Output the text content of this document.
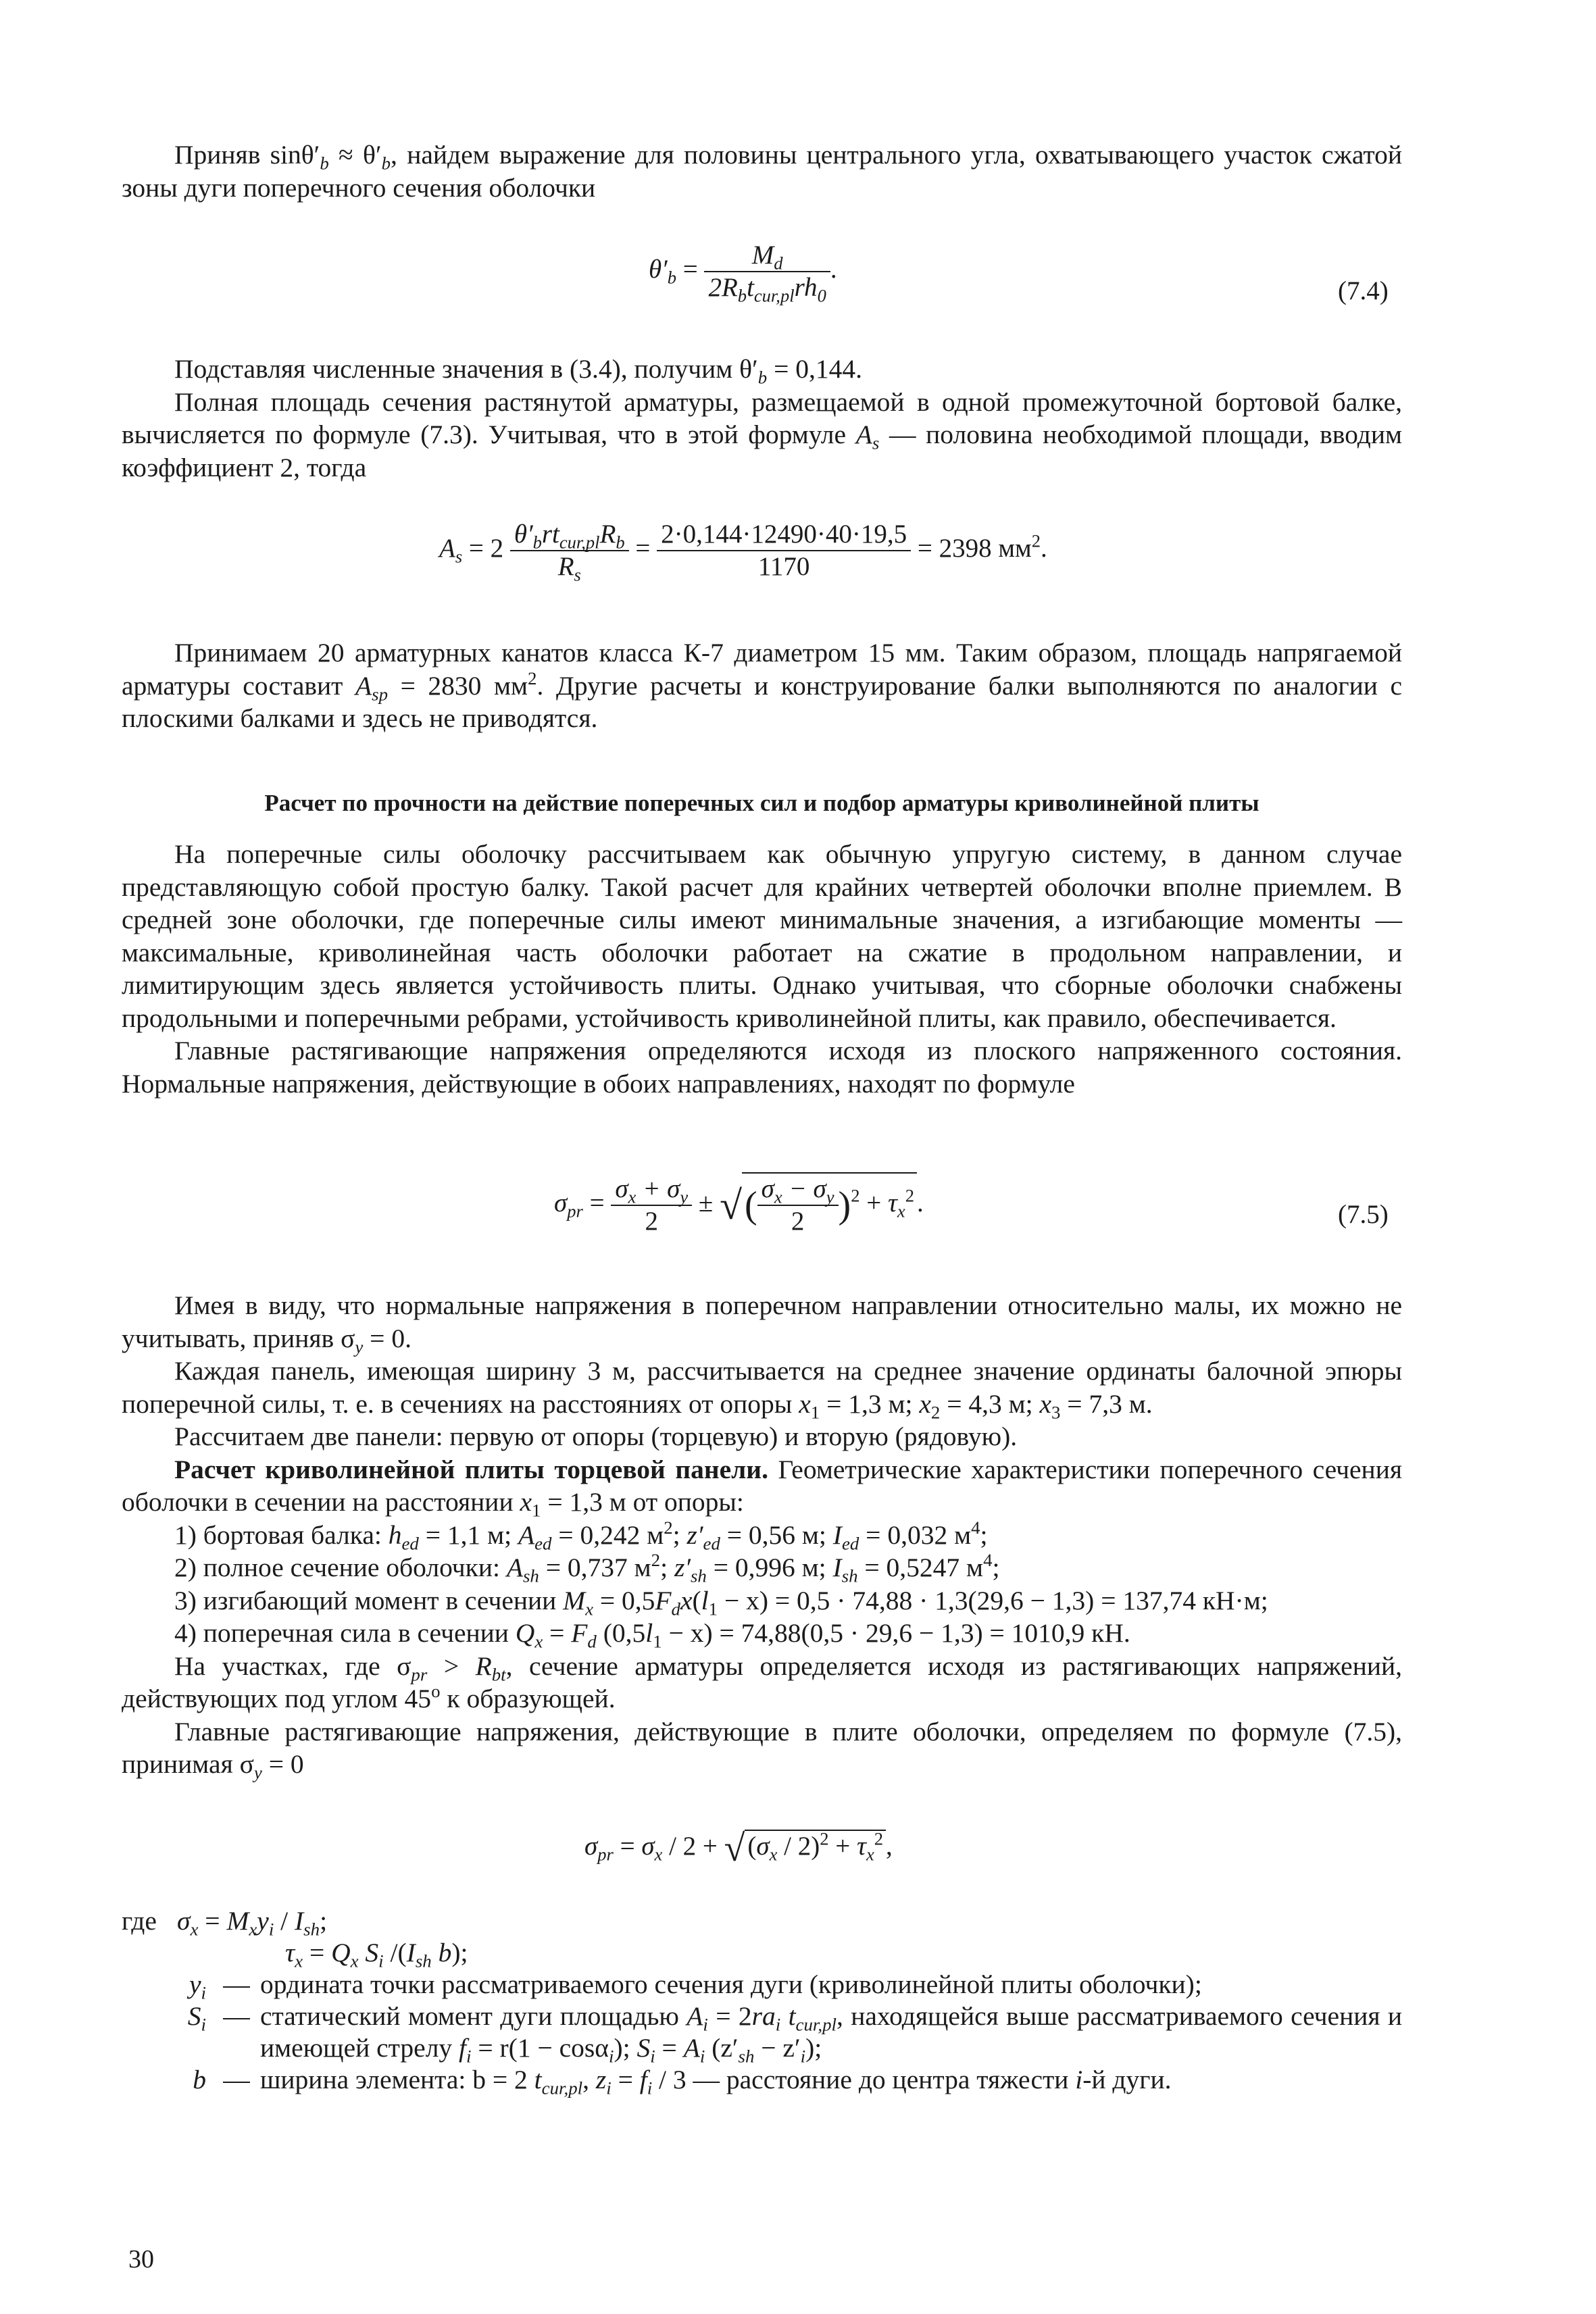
Приняв $\sin\theta'_b \approx \theta'_b$, найдем выражение для половины центрального угла, охватывающего участок сжатой зоны дуги поперечного сечения оболочки

$\theta'_b = \frac{M_d}{2R_bt_{cur,pl}rh_0}$ .
(7.4)

Подставляя численные значения в (3.4), получим $\theta'_b = 0,144$.

Полная площадь сечения растянутой арматуры, размещаемой в одной промежуточной бортовой балке, вычисляется по формуле (7.3). Учитывая, что в этой формуле $A_s$ — половина необходимой площади, вводим коэффициент 2, тогда

$A_s = 2 \frac{\theta'_brt_{cur,pl}R_b}{R_s} = \frac{2\cdot 0,144\cdot 12490\cdot 40\cdot 19,5}{1170} = 2398$ $мм^2$.

Принимаем 20 арматурных канатов класса К-7 диаметром 15 мм. Таким образом, площадь напрягаемой арматуры составит $A_{sp} = 2830$ $мм^2$. Другие расчеты и конструирование балки выполняются по аналогии с плоскими балками и здесь не приводятся.

Расчет по прочности на действие поперечных сил и подбор арматуры криволинейной плиты

На поперечные силы оболочку рассчитываем как обычную упругую систему, в данном случае представляющую собой простую балку. Такой расчет для крайних четвертей оболочки вполне приемлем. В средней зоне оболочки, где поперечные силы имеют минимальные значения, а изгибающие моменты — максимальные, криволинейная часть оболочки работает на сжатие в продольном направлении, и лимитирующим здесь является устойчивость плиты. Однако учитывая, что сборные оболочки снабжены продольными и поперечными ребрами, устойчивость криволинейной плиты, как правило, обеспечивается.

Главные растягивающие напряжения определяются исходя из плоского напряженного состояния. Нормальные напряжения, действующие в обоих направлениях, находят по формуле

$\sigma_{pr} = \frac{\sigma_x + \sigma_y}{2}$ ± √( $\frac{\sigma_x - \sigma_y}{2} )^2 + \tau_x^2$ .	(7.5)

Имея в виду, что нормальные напряжения в поперечном направлении относительно малы, их можно не учитывать, приняв $\sigma_y = 0$.

Каждая панель, имеющая ширину 3 м, рассчитывается на среднее значение ординаты балочной эпюры поперечной силы, т. е. в сечениях на расстояниях от опоры $x_1 = 1,3$ м; $x_2 = 4,3$ м; $x_3 = 7,3$ м.

Рассчитаем две панели: первую от опоры (торцевую) и вторую (рядовую).

Расчет криволинейной плиты торцевой панели. Геометрические характеристики поперечного сечения оболочки в сечении на расстоянии $x_1 = 1,3$ м от опоры:

1) бортовая балка: $h_{ed} = 1,1$ м; $A_{ed} = 0,242$ $м^2$; $z'_{ed} = 0,56$ м; $I_{ed} = 0,032$ $м^4$;

2) полное сечение оболочки: $A_{sh} = 0,737$ $м^2$; $z'_{sh} = 0,996$ м; $I_{sh} = 0,5247$ $м^4$;

3) изгибающий момент в сечении $M_x = 0,5F_dx(l_1 - x) = 0,5 \cdot 74,88 \cdot 1,3(29,6 - 1,3) = 137,74$ кН·м;

4) поперечная сила в сечении $Q_x = F_d$ $(0,5l_1 - x) = 74,88(0,5 \cdot 29,6 - 1,3) = 1010,9$ кН.

На участках, где $\sigma_{pr} > R_{bt}$, сечение арматуры определяется исходя из растягивающих напряжений, действующих под углом 45$^o$ к образующей.

Главные растягивающие напряжения, действующие в плите оболочки, определяем по формуле (7.5), принимая $\sigma_y = 0$

$\sigma_{pr} = \sigma_x / 2$ + √ $(\sigma_x / 2)^2 + \tau_x^2$ ,
где $\sigma_x = M_xy_i / I_{sh}$;
$\tau_x = Q_x$ $S_i$ $/(I_{sh}$ b);
$y_i$ — ордината точки рассматриваемого сечения дуги (криволинейной плиты оболочки);
$S_i$ — статический момент дуги площадью $A_i = 2ra_i$ $t_{cur,pl}$, находящейся выше рассматриваемого сечения и имеющей стрелу $f_i = r(1 - \cos\alpha_i)$; $S_i = A_i$ $(z'_{sh} - z'_i)$;
b — ширина элемента: b = 2 $t_{cur,pl}$, $z_i = f_i / 3$ — расстояние до центра тяжести i-й дуги.
30
